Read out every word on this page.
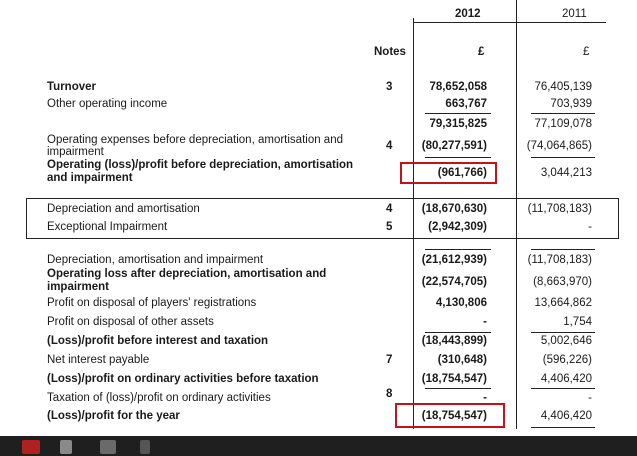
2012	2011
Notes	£	£
Turnover	3	78,652,058	76,405,139
Other operating income	663,767	703,939
79,315,825	77,109,078
Operating expenses before depreciation, amortisation and
impairment	4	(80,277,591)	(74,064,865)
Operating (loss)/profit before depreciation, amortisation
and impairment	(961,766)	3,044,213
Depreciation and amortisation	4	(18,670,630)	(11,708,183)
Exceptional Impairment	5	(2,942,309)	-
Depreciation, amortisation and impairment	(21,612,939)	(11,708,183)
Operating loss after depreciation, amortisation and
impairment	(22,574,705)	(8,663,970)
Profit on disposal of players' registrations	4,130,806	13,664,862
Profit on disposal of other assets	-	1,754
(Loss)/profit before interest and taxation	(18,443,899)	5,002,646
Net interest payable	7	(310,648)	(596,226)
(Loss)/profit on ordinary activities before taxation	(18,754,547)	4,406,420
Taxation of (loss)/profit on ordinary activities	8	-	-
(Loss)/profit for the year	(18,754,547)	4,406,420
